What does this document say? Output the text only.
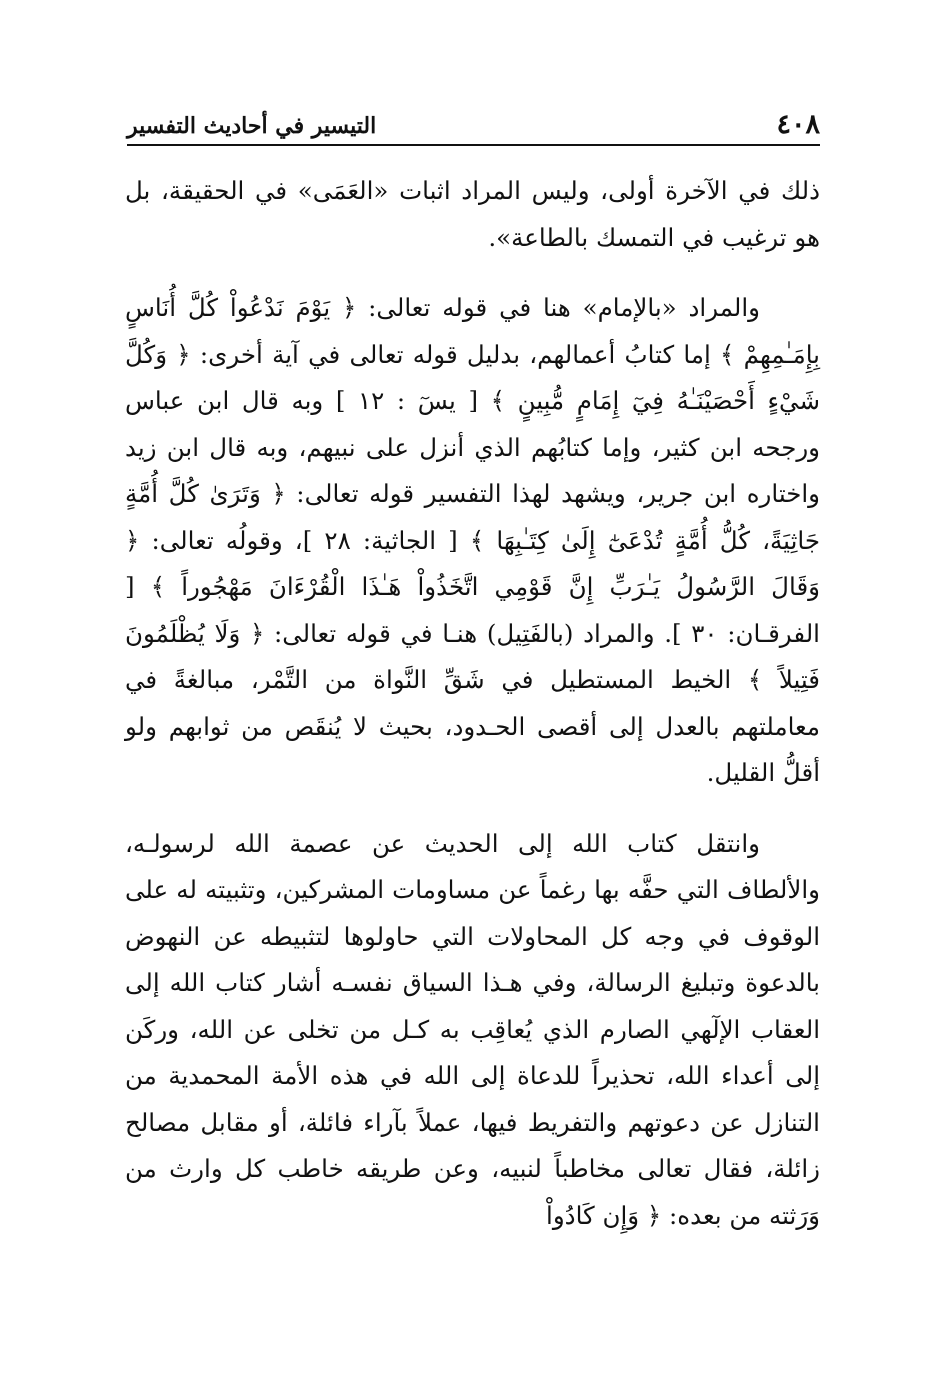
٤٠٨
التيسير في أحاديث التفسير

ذلك في الآخرة أولى، وليس المراد اثبات «العَمَى» في الحقيقة، بل هو ترغيب في التمسك بالطاعة».

والمراد «بالإمام» هنا في قوله تعالى: ﴿ يَوْمَ نَدْعُواْ كُلَّ أُنَاسٍ بِإِمَـٰمِهِمْ ﴾ إما كتابُ أعمالهم، بدليل قوله تعالى في آية أخرى: ﴿ وَكُلَّ شَيْءٍ أَحْصَيْنَـٰهُ فِيٓ إِمَامٍ مُّبِينٍ ﴾ [ يسٓ : ١٢ ] وبه قال ابن عباس ورجحه ابن كثير، وإما كتابُهم الذي أنزل على نبيهم، وبه قال ابن زيد واختاره ابن جرير، ويشهد لهذا التفسير قوله تعالى: ﴿ وَتَرَىٰ كُلَّ أُمَّةٍ جَاثِيَةً، كُلُّ أُمَّةٍ تُدْعَىٰٓ إِلَىٰ كِتَـٰبِهَا ﴾ [ الجاثية: ٢٨ ]، وقولُه تعالى: ﴿ وَقَالَ الرَّسُولُ يَـٰرَبِّ إِنَّ قَوْمِي اتَّخَذُواْ هَـٰذَا الْقُرْءَانَ مَهْجُوراً ﴾ [ الفرقـان: ٣٠ ]. والمراد (بالفَتِيل) هنـا في قوله تعالى: ﴿ وَلَا يُظْلَمُونَ فَتِيلاً ﴾ الخيط المستطيل في شَقِّ النَّواة من التَّمْر، مبالغةً في معاملتهم بالعدل إلى أقصى الحـدود، بحيث لا يُنقَص من ثوابهم ولو أقلُّ القليل.

وانتقل كتاب الله إلى الحديث عن عصمة الله لرسولـه، والألطاف التي حفَّه بها رغماً عن مساومات المشركين، وتثبيته له على الوقوف في وجه كل المحاولات التي حاولوها لتثبيطه عن النهوض بالدعوة وتبليغ الرسالة، وفي هـذا السياق نفسـه أشار كتاب الله إلى العقاب الإلٓهي الصارم الذي يُعاقِب به كـل من تخلى عن الله، وركَن إلى أعداء الله، تحذيراً للدعاة إلى الله في هذه الأمة المحمدية من التنازل عن دعوتهم والتفريط فيها، عملاً بآراء فائلة، أو مقابل مصالح زائلة، فقال تعالى مخاطباً لنبيه، وعن طريقه خاطب كل وارث من وَرَثته من بعده: ﴿ وَإِن كَادُواْ
